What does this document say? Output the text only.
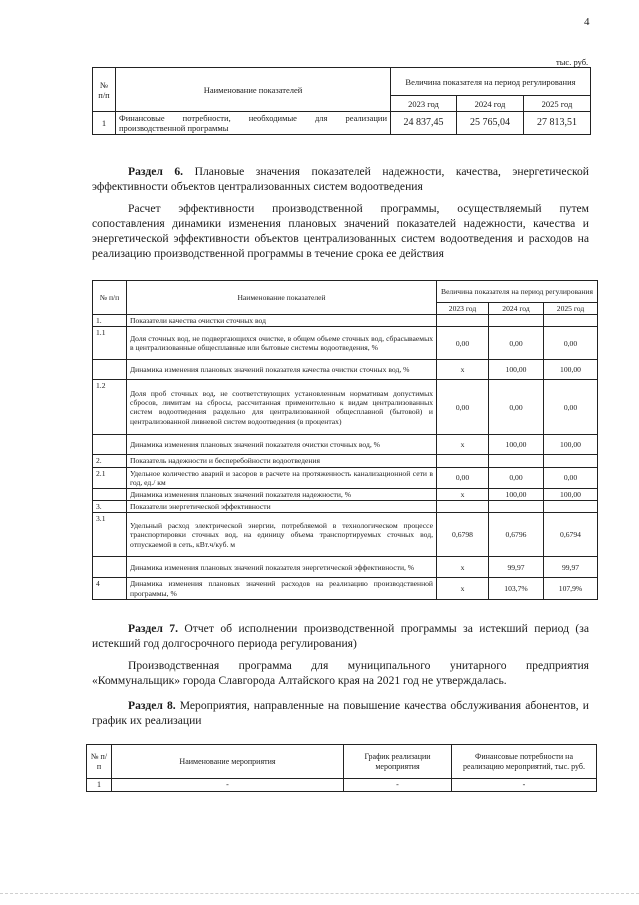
4
тыс. руб.
№ п/п	Наименование показателей	Величина показателя на период регулирования		
		2023 год	2024 год	2025 год
1	Финансовые потребности, необходимые для реализации производственной программы	24 837,45	25 765,04	27 813,51
Раздел 6. Плановые значения показателей надежности, качества, энергетической эффективности объектов централизованных систем водоотведения
Расчет эффективности производственной программы, осуществляемый путем сопоставления динамики изменения плановых значений показателей надежности, качества и энергетической эффективности объектов централизованных систем водоотведения и расходов на реализацию производственной программы в течение срока ее действия
№ п/п	Наименование показателей	Величина показателя на период регулирования		
		2023 год	2024 год	2025 год
1.	Показатели качества очистки сточных вод			
1.1	Доля сточных вод, не подвергающихся очистке, в общем объеме сточных вод, сбрасываемых в централизованные общесплавные или бытовые системы водоотведения, %	0,00	0,00	0,00
	Динамика изменения плановых значений показателя качества очистки сточных вод, %	х	100,00	100,00
1.2	Доля проб сточных вод, не соответствующих установленным нормативам допустимых сбросов, лимитам на сбросы, рассчитанная применительно к видам централизованных систем водоотведения раздельно для централизованной общесплавной (бытовой) и централизованной ливневой систем водоотведения (в процентах)	0,00	0,00	0,00
	Динамика изменения плановых значений показателя очистки сточных вод, %	х	100,00	100,00
2.	Показатель надежности и бесперебойности водоотведения			
2.1	Удельное количество аварий и засоров в расчете на протяженность канализационной сети в год, ед./ км	0,00	0,00	0,00
	Динамика изменения плановых значений показателя надежности, %	х	100,00	100,00
3.	Показатели энергетической эффективности			
3.1	Удельный расход электрической энергии, потребляемой в технологическом процессе транспортировки сточных вод, на единицу объема транспортируемых сточных вод, отпускаемой в сеть, кВт.ч/куб. м	0,6798	0,6796	0,6794
	Динамика изменения плановых значений показателя энергетической эффективности, %	х	99,97	99,97
4	Динамика изменения плановых значений расходов на реализацию производственной программы, %	х	103,7%	107,9%
Раздел 7. Отчет об исполнении производственной программы за истекший период (за истекший год долгосрочного периода регулирования)
Производственная программа для муниципального унитарного предприятия «Коммунальщик» города Славгорода Алтайского края на 2021 год не утверждалась.
Раздел 8. Мероприятия, направленные на повышение качества обслуживания абонентов, и график их реализации
№ п/п	Наименование мероприятия	График реализации мероприятия	Финансовые потребности на реализацию мероприятий, тыс. руб.
1	-	-	-
